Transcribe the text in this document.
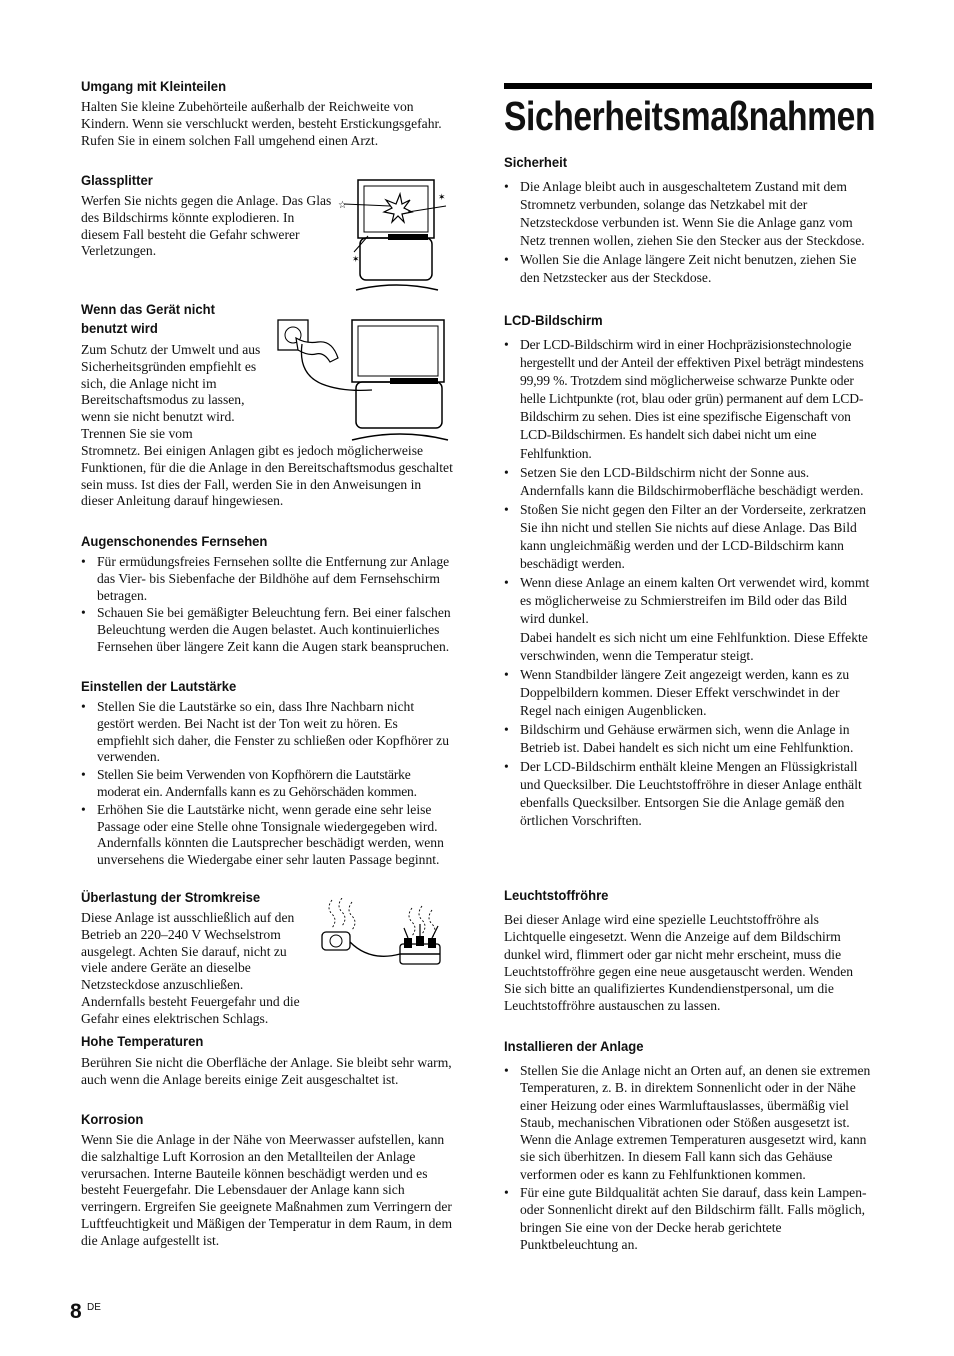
Umgang mit Kleinteilen

Halten Sie kleine Zubehörteile außerhalb der Reichweite von Kindern. Wenn sie verschluckt werden, besteht Erstickungsgefahr. Rufen Sie in einem solchen Fall umgehend einen Arzt.

Glassplitter

Werfen Sie nichts gegen die Anlage. Das Glas des Bildschirms könnte explodieren. In diesem Fall besteht die Gefahr schwerer Verletzungen.

☆
✶
✶
Wenn das Gerät nicht
benutzt wird

Zum Schutz der Umwelt und aus Sicherheitsgründen empfiehlt es sich, die Anlage nicht im Bereitschaftsmodus zu lassen, wenn sie nicht benutzt wird. Trennen Sie sie vom

Stromnetz. Bei einigen Anlagen gibt es jedoch möglicherweise Funktionen, für die die Anlage in den Bereitschaftsmodus geschaltet sein muss. Ist dies der Fall, werden Sie in den Anweisungen in dieser Anleitung darauf hingewiesen.

Augenschonendes Fernsehen
• Für ermüdungsfreies Fernsehen sollte die Entfernung zur Anlage das Vier- bis Siebenfache der Bildhöhe auf dem Fernsehschirm betragen.
• Schauen Sie bei gemäßigter Beleuchtung fern. Bei einer falschen Beleuchtung werden die Augen belastet. Auch kontinuierliches Fernsehen über längere Zeit kann die Augen stark beanspruchen.
Einstellen der Lautstärke
• Stellen Sie die Lautstärke so ein, dass Ihre Nachbarn nicht gestört werden. Bei Nacht ist der Ton weit zu hören. Es empfiehlt sich daher, die Fenster zu schließen oder Kopfhörer zu verwenden.
• Stellen Sie beim Verwenden von Kopfhörern die Lautstärke moderat ein. Andernfalls kann es zu Gehörschäden kommen.
• Erhöhen Sie die Lautstärke nicht, wenn gerade eine sehr leise Passage oder eine Stelle ohne Tonsignale wiedergegeben wird. Andernfalls könnten die Lautsprecher beschädigt werden, wenn unversehens die Wiedergabe einer sehr lauten Passage beginnt.
Überlastung der Stromkreise

Diese Anlage ist ausschließlich auf den Betrieb an 220–240 V Wechselstrom ausgelegt. Achten Sie darauf, nicht zu viele andere Geräte an dieselbe Netzsteckdose anzuschließen. Andernfalls besteht Feuergefahr und die Gefahr eines elektrischen Schlags.

Hohe Temperaturen

Berühren Sie nicht die Oberfläche der Anlage. Sie bleibt sehr warm, auch wenn die Anlage bereits einige Zeit ausgeschaltet ist.

Korrosion

Wenn Sie die Anlage in der Nähe von Meerwasser aufstellen, kann die salzhaltige Luft Korrosion an den Metallteilen der Anlage verursachen. Interne Bauteile können beschädigt werden und es besteht Feuergefahr. Die Lebensdauer der Anlage kann sich verringern. Ergreifen Sie geeignete Maßnahmen zum Verringern der Luftfeuchtigkeit und Mäßigen der Temperatur in dem Raum, in dem die Anlage aufgestellt ist.

Sicherheitsmaßnahmen
Sicherheit
• Die Anlage bleibt auch in ausgeschaltetem Zustand mit dem Stromnetz verbunden, solange das Netzkabel mit der Netzsteckdose verbunden ist. Wenn Sie die Anlage ganz vom Netz trennen wollen, ziehen Sie den Stecker aus der Steckdose.
• Wollen Sie die Anlage längere Zeit nicht benutzen, ziehen Sie den Netzstecker aus der Steckdose.
LCD-Bildschirm
• Der LCD-Bildschirm wird in einer Hochpräzisionstechnologie hergestellt und der Anteil der effektiven Pixel beträgt mindestens 99,99 %. Trotzdem sind möglicherweise schwarze Punkte oder helle Lichtpunkte (rot, blau oder grün) permanent auf dem LCD-Bildschirm zu sehen. Dies ist eine spezifische Eigenschaft von LCD-Bildschirmen. Es handelt sich dabei nicht um eine Fehlfunktion.
• Setzen Sie den LCD-Bildschirm nicht der Sonne aus. Andernfalls kann die Bildschirmoberfläche beschädigt werden.
• Stoßen Sie nicht gegen den Filter an der Vorderseite, zerkratzen Sie ihn nicht und stellen Sie nichts auf diese Anlage. Das Bild kann ungleichmäßig werden und der LCD-Bildschirm kann beschädigt werden.
• Wenn diese Anlage an einem kalten Ort verwendet wird, kommt es möglicherweise zu Schmierstreifen im Bild oder das Bild wird dunkel.
Dabei handelt es sich nicht um eine Fehlfunktion. Diese Effekte verschwinden, wenn die Temperatur steigt.
• Wenn Standbilder längere Zeit angezeigt werden, kann es zu Doppelbildern kommen. Dieser Effekt verschwindet in der Regel nach einigen Augenblicken.
• Bildschirm und Gehäuse erwärmen sich, wenn die Anlage in Betrieb ist. Dabei handelt es sich nicht um eine Fehlfunktion.
• Der LCD-Bildschirm enthält kleine Mengen an Flüssigkristall und Quecksilber. Die Leuchtstoffröhre in dieser Anlage enthält ebenfalls Quecksilber. Entsorgen Sie die Anlage gemäß den örtlichen Vorschriften.
Leuchtstoffröhre

Bei dieser Anlage wird eine spezielle Leuchtstoffröhre als Lichtquelle eingesetzt. Wenn die Anzeige auf dem Bildschirm dunkel wird, flimmert oder gar nicht mehr erscheint, muss die Leuchtstoffröhre gegen eine neue ausgetauscht werden. Wenden Sie sich bitte an qualifiziertes Kundendienstpersonal, um die Leuchtstoffröhre austauschen zu lassen.

Installieren der Anlage
• Stellen Sie die Anlage nicht an Orten auf, an denen sie extremen Temperaturen, z. B. in direktem Sonnenlicht oder in der Nähe einer Heizung oder eines Warmluftauslasses, übermäßig viel Staub, mechanischen Vibrationen oder Stößen ausgesetzt ist. Wenn die Anlage extremen Temperaturen ausgesetzt wird, kann sie sich überhitzen. In diesem Fall kann sich das Gehäuse verformen oder es kann zu Fehlfunktionen kommen.
• Für eine gute Bildqualität achten Sie darauf, dass kein Lampen- oder Sonnenlicht direkt auf den Bildschirm fällt. Falls möglich, bringen Sie eine von der Decke herab gerichtete Punktbeleuchtung an.
8 DE
